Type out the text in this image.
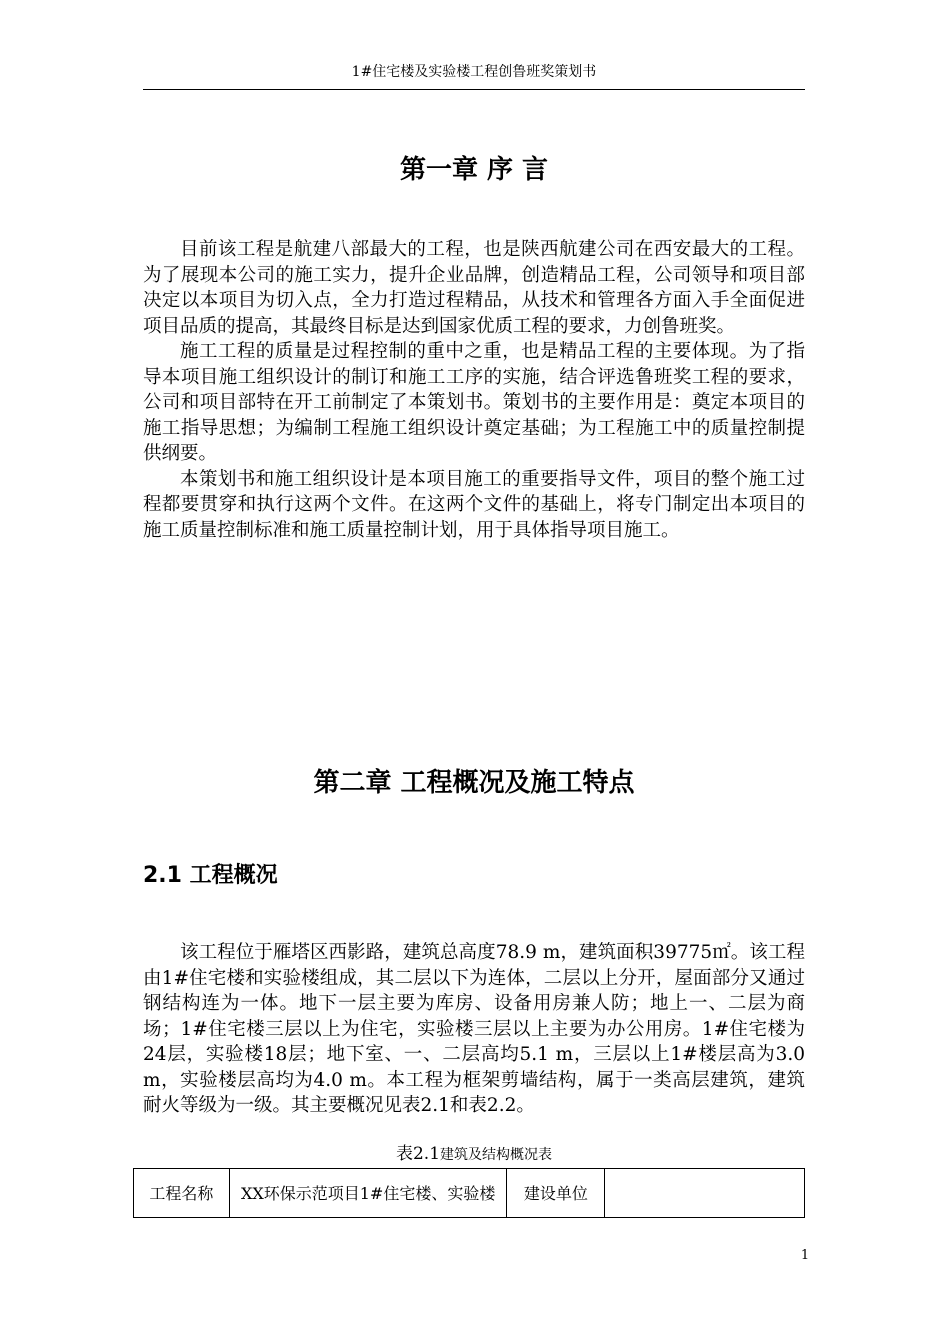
1#住宅楼及实验楼工程创鲁班奖策划书
第一章 序 言

目前该工程是航建八部最大的工程，也是陕西航建公司在西安最大的工程。为了展现本公司的施工实力，提升企业品牌，创造精品工程，公司领导和项目部决定以本项目为切入点，全力打造过程精品，从技术和管理各方面入手全面促进项目品质的提高，其最终目标是达到国家优质工程的要求，力创鲁班奖。

施工工程的质量是过程控制的重中之重，也是精品工程的主要体现。为了指导本项目施工组织设计的制订和施工工序的实施，结合评选鲁班奖工程的要求，公司和项目部特在开工前制定了本策划书。策划书的主要作用是：奠定本项目的施工指导思想；为编制工程施工组织设计奠定基础；为工程施工中的质量控制提供纲要。

本策划书和施工组织设计是本项目施工的重要指导文件，项目的整个施工过程都要贯穿和执行这两个文件。在这两个文件的基础上，将专门制定出本项目的施工质量控制标准和施工质量控制计划，用于具体指导项目施工。

第二章 工程概况及施工特点
2.1 工程概况

该工程位于雁塔区西影路，建筑总高度78.9 m，建筑面积39775㎡。该工程由1#住宅楼和实验楼组成，其二层以下为连体，二层以上分开，屋面部分又通过钢结构连为一体。地下一层主要为库房、设备用房兼人防；地上一、二层为商场；1#住宅楼三层以上为住宅，实验楼三层以上主要为办公用房。1#住宅楼为24层，实验楼18层；地下室、一、二层高均5.1 m，三层以上1#楼层高为3.0 m，实验楼层高均为4.0 m。本工程为框架剪墙结构，属于一类高层建筑，建筑耐火等级为一级。其主要概况见表2.1和表2.2。

表2.1建筑及结构概况表
工程名称	XX环保示范项目1#住宅楼、实验楼	建设单位	
1
